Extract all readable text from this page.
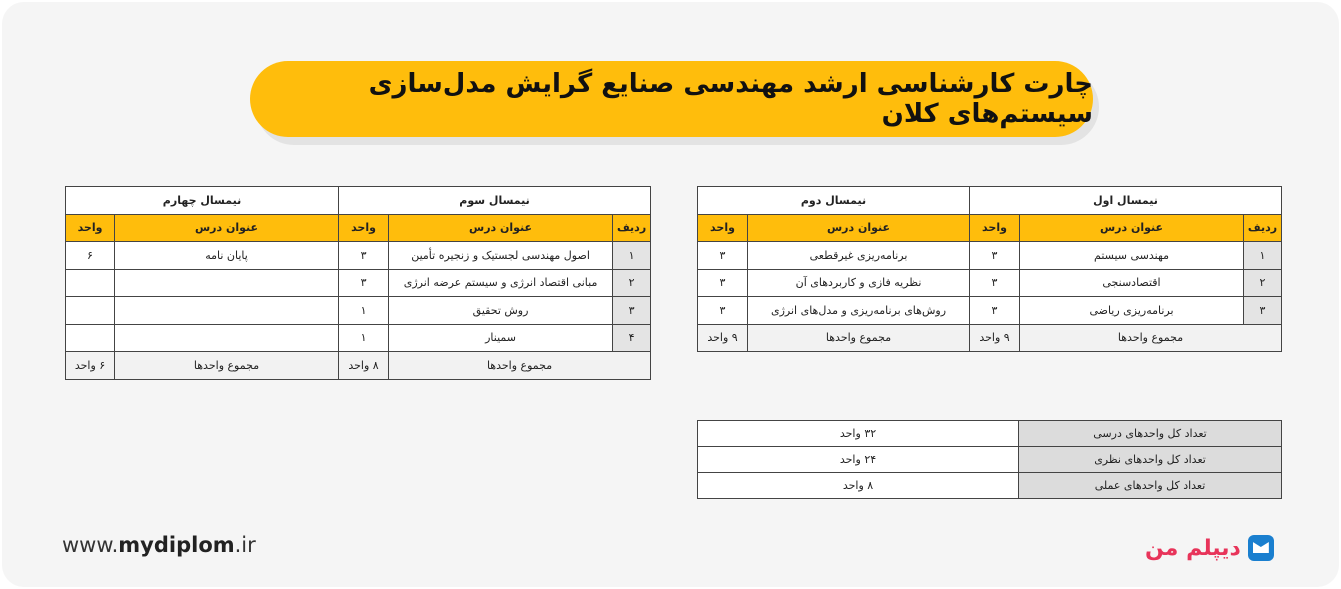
چارت کارشناسی ارشد مهندسی صنایع گرایش مدل‌سازی سیستم‌های کلان
نیمسال اول			نیمسال دوم	
ردیف	عنوان درس	واحد	عنوان درس	واحد
۱	مهندسی سیستم	۳	برنامه‌ریزی غیرقطعی	۳
۲	اقتصادسنجی	۳	نظریه فازی و کاربردهای آن	۳
۳	برنامه‌ریزی ریاضی	۳	روش‌های برنامه‌ریزی و مدل‌های انرژی	۳
مجموع واحدها		۹ واحد	مجموع واحدها	۹ واحد
نیمسال سوم			نیمسال چهارم	
ردیف	عنوان درس	واحد	عنوان درس	واحد
۱	اصول مهندسی لجستیک و زنجیره تأمین	۳	پایان نامه	۶
۲	مبانی اقتصاد انرژی و سیستم عرضه انرژی	۳		
۳	روش تحقیق	۱		
۴	سمینار	۱		
مجموع واحدها		۸ واحد	مجموع واحدها	۶ واحد
تعداد کل واحدهای درسی	۳۲ واحد
تعداد کل واحدهای نظری	۲۴ واحد
تعداد کل واحدهای عملی	۸ واحد
www.mydiplom.ir	دیپلم من
